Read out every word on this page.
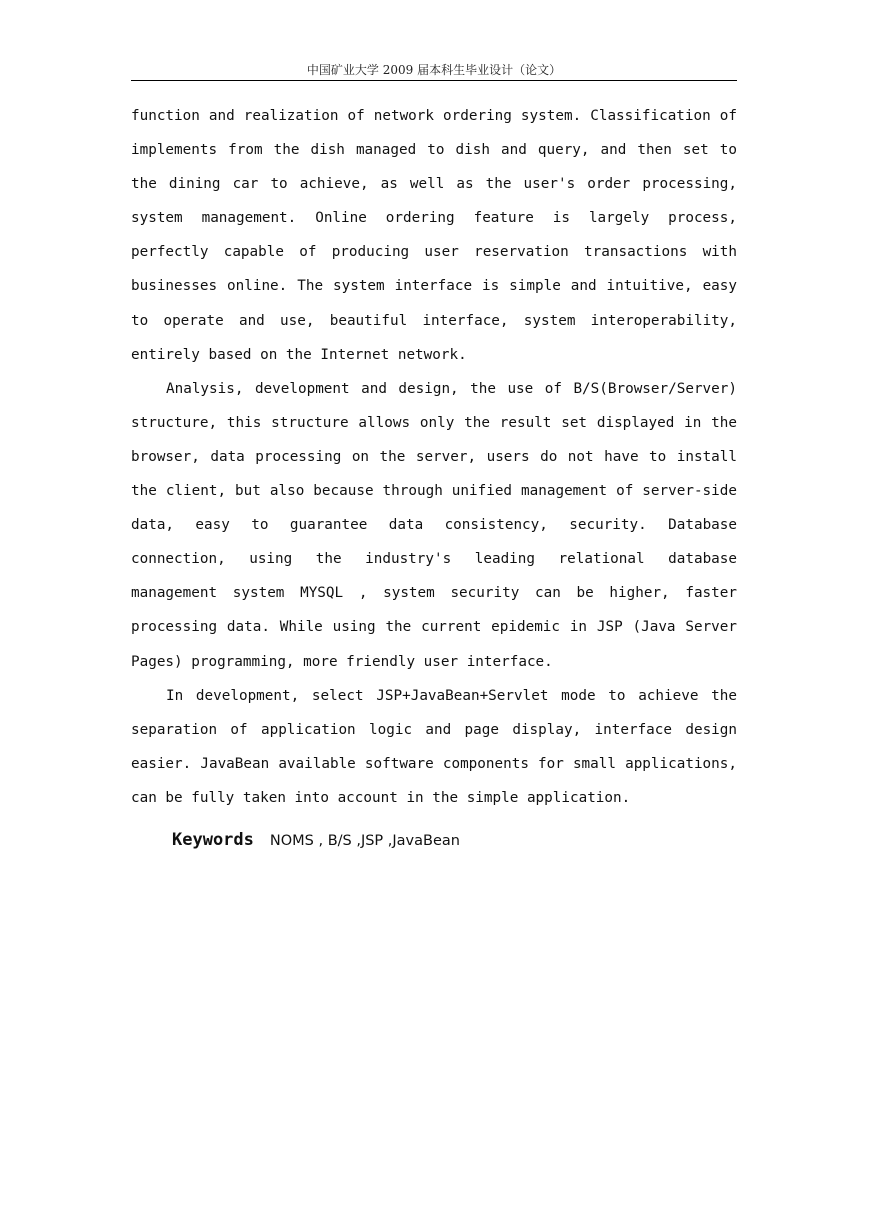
中国矿业大学 2009 届本科生毕业设计（论文）

function and realization of network ordering system. Classification of implements from the dish managed to dish and query, and then set to the dining car to achieve, as well as the user's order processing, system management. Online ordering feature is largely process, perfectly capable of producing user reservation transactions with businesses online. The system interface is simple and intuitive, easy to operate and use, beautiful interface, system interoperability, entirely based on the Internet network.

Analysis, development and design, the use of B/S(Browser/Server) structure, this structure allows only the result set displayed in the browser, data processing on the server, users do not have to install the client, but also because through unified management of server-side data, easy to guarantee data consistency, security. Database connection, using the industry's leading relational database management system MYSQL , system security can be higher, faster processing data. While using the current epidemic in JSP (Java Server Pages) programming, more friendly user interface.

In development, select JSP+JavaBean+Servlet mode to achieve the separation of application logic and page display, interface design easier. JavaBean available software components for small applications, can be fully taken into account in the simple application.

Keywords NOMS , B/S ,JSP ,JavaBean
